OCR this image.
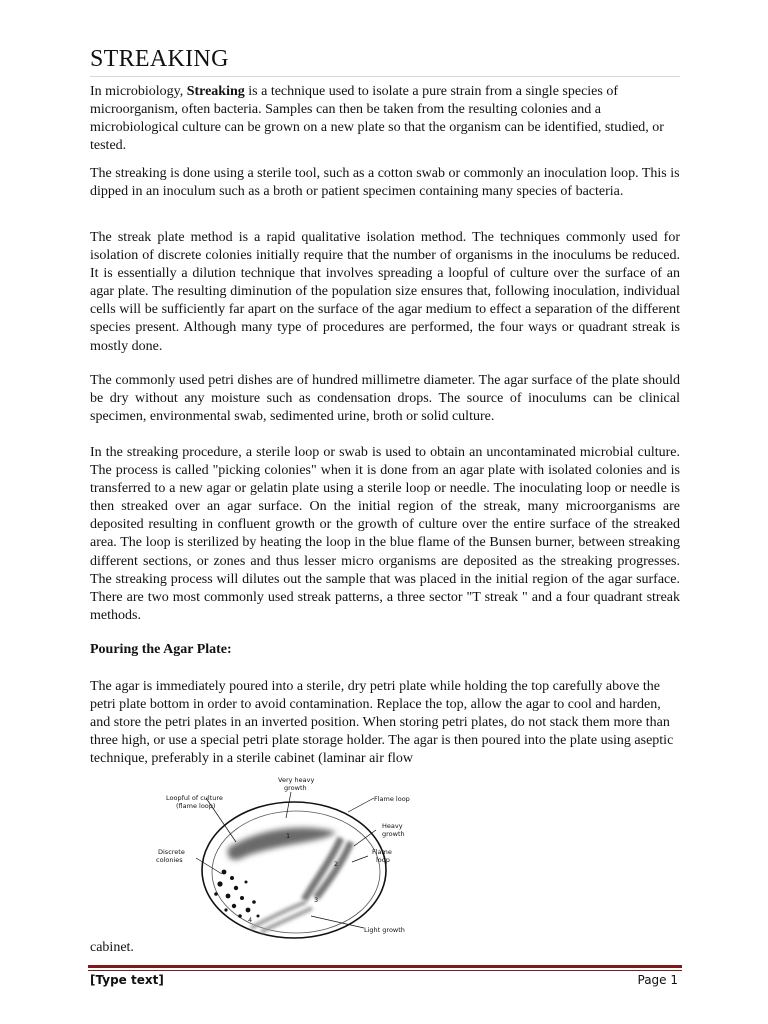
STREAKING

In microbiology, Streaking is a technique used to isolate a pure strain from a single species of microorganism, often bacteria. Samples can then be taken from the resulting colonies and a microbiological culture can be grown on a new plate so that the organism can be identified, studied, or tested.

The streaking is done using a sterile tool, such as a cotton swab or commonly an inoculation loop. This is dipped in an inoculum such as a broth or patient specimen containing many species of bacteria.

The streak plate method is a rapid qualitative isolation method. The techniques commonly used for isolation of discrete colonies initially require that the number of organisms in the inoculums be reduced. It is essentially a dilution technique that involves spreading a loopful of culture over the surface of an agar plate. The resulting diminution of the population size ensures that, following inoculation, individual cells will be sufficiently far apart on the surface of the agar medium to effect a separation of the different species present. Although many type of procedures are performed, the four ways or quadrant streak is mostly done.

The commonly used petri dishes are of hundred millimetre diameter. The agar surface of the plate should be dry without any moisture such as condensation drops. The source of inoculums can be clinical specimen, environmental swab, sedimented urine, broth or solid culture.

In the streaking procedure, a sterile loop or swab is used to obtain an uncontaminated microbial culture. The process is called "picking colonies" when it is done from an agar plate with isolated colonies and is transferred to a new agar or gelatin plate using a sterile loop or needle. The inoculating loop or needle is then streaked over an agar surface. On the initial region of the streak, many microorganisms are deposited resulting in confluent growth or the growth of culture over the entire surface of the streaked area. The loop is sterilized by heating the loop in the blue flame of the Bunsen burner, between streaking different sections, or zones and thus lesser micro organisms are deposited as the streaking progresses. The streaking process will dilutes out the sample that was placed in the initial region of the agar surface. There are two most commonly used streak patterns, a three sector "T streak " and a four quadrant streak methods.

Pouring the Agar Plate:

The agar is immediately poured into a sterile, dry petri plate while holding the top carefully above the petri plate bottom in order to avoid contamination. Replace the top, allow the agar to cool and harden, and store the petri plates in an inverted position. When storing petri plates, do not stack them more than three high, or use a special petri plate storage holder. The agar is then poured into the plate using aseptic technique, preferably in a sterile cabinet (laminar air flow

1
2
3
4
Very heavy
growth
Loopful of culture
(flame loop)
Flame loop
Heavy
growth
Flame
loop
Discrete
colonies
Light growth

cabinet.

[Type text]	Page 1
